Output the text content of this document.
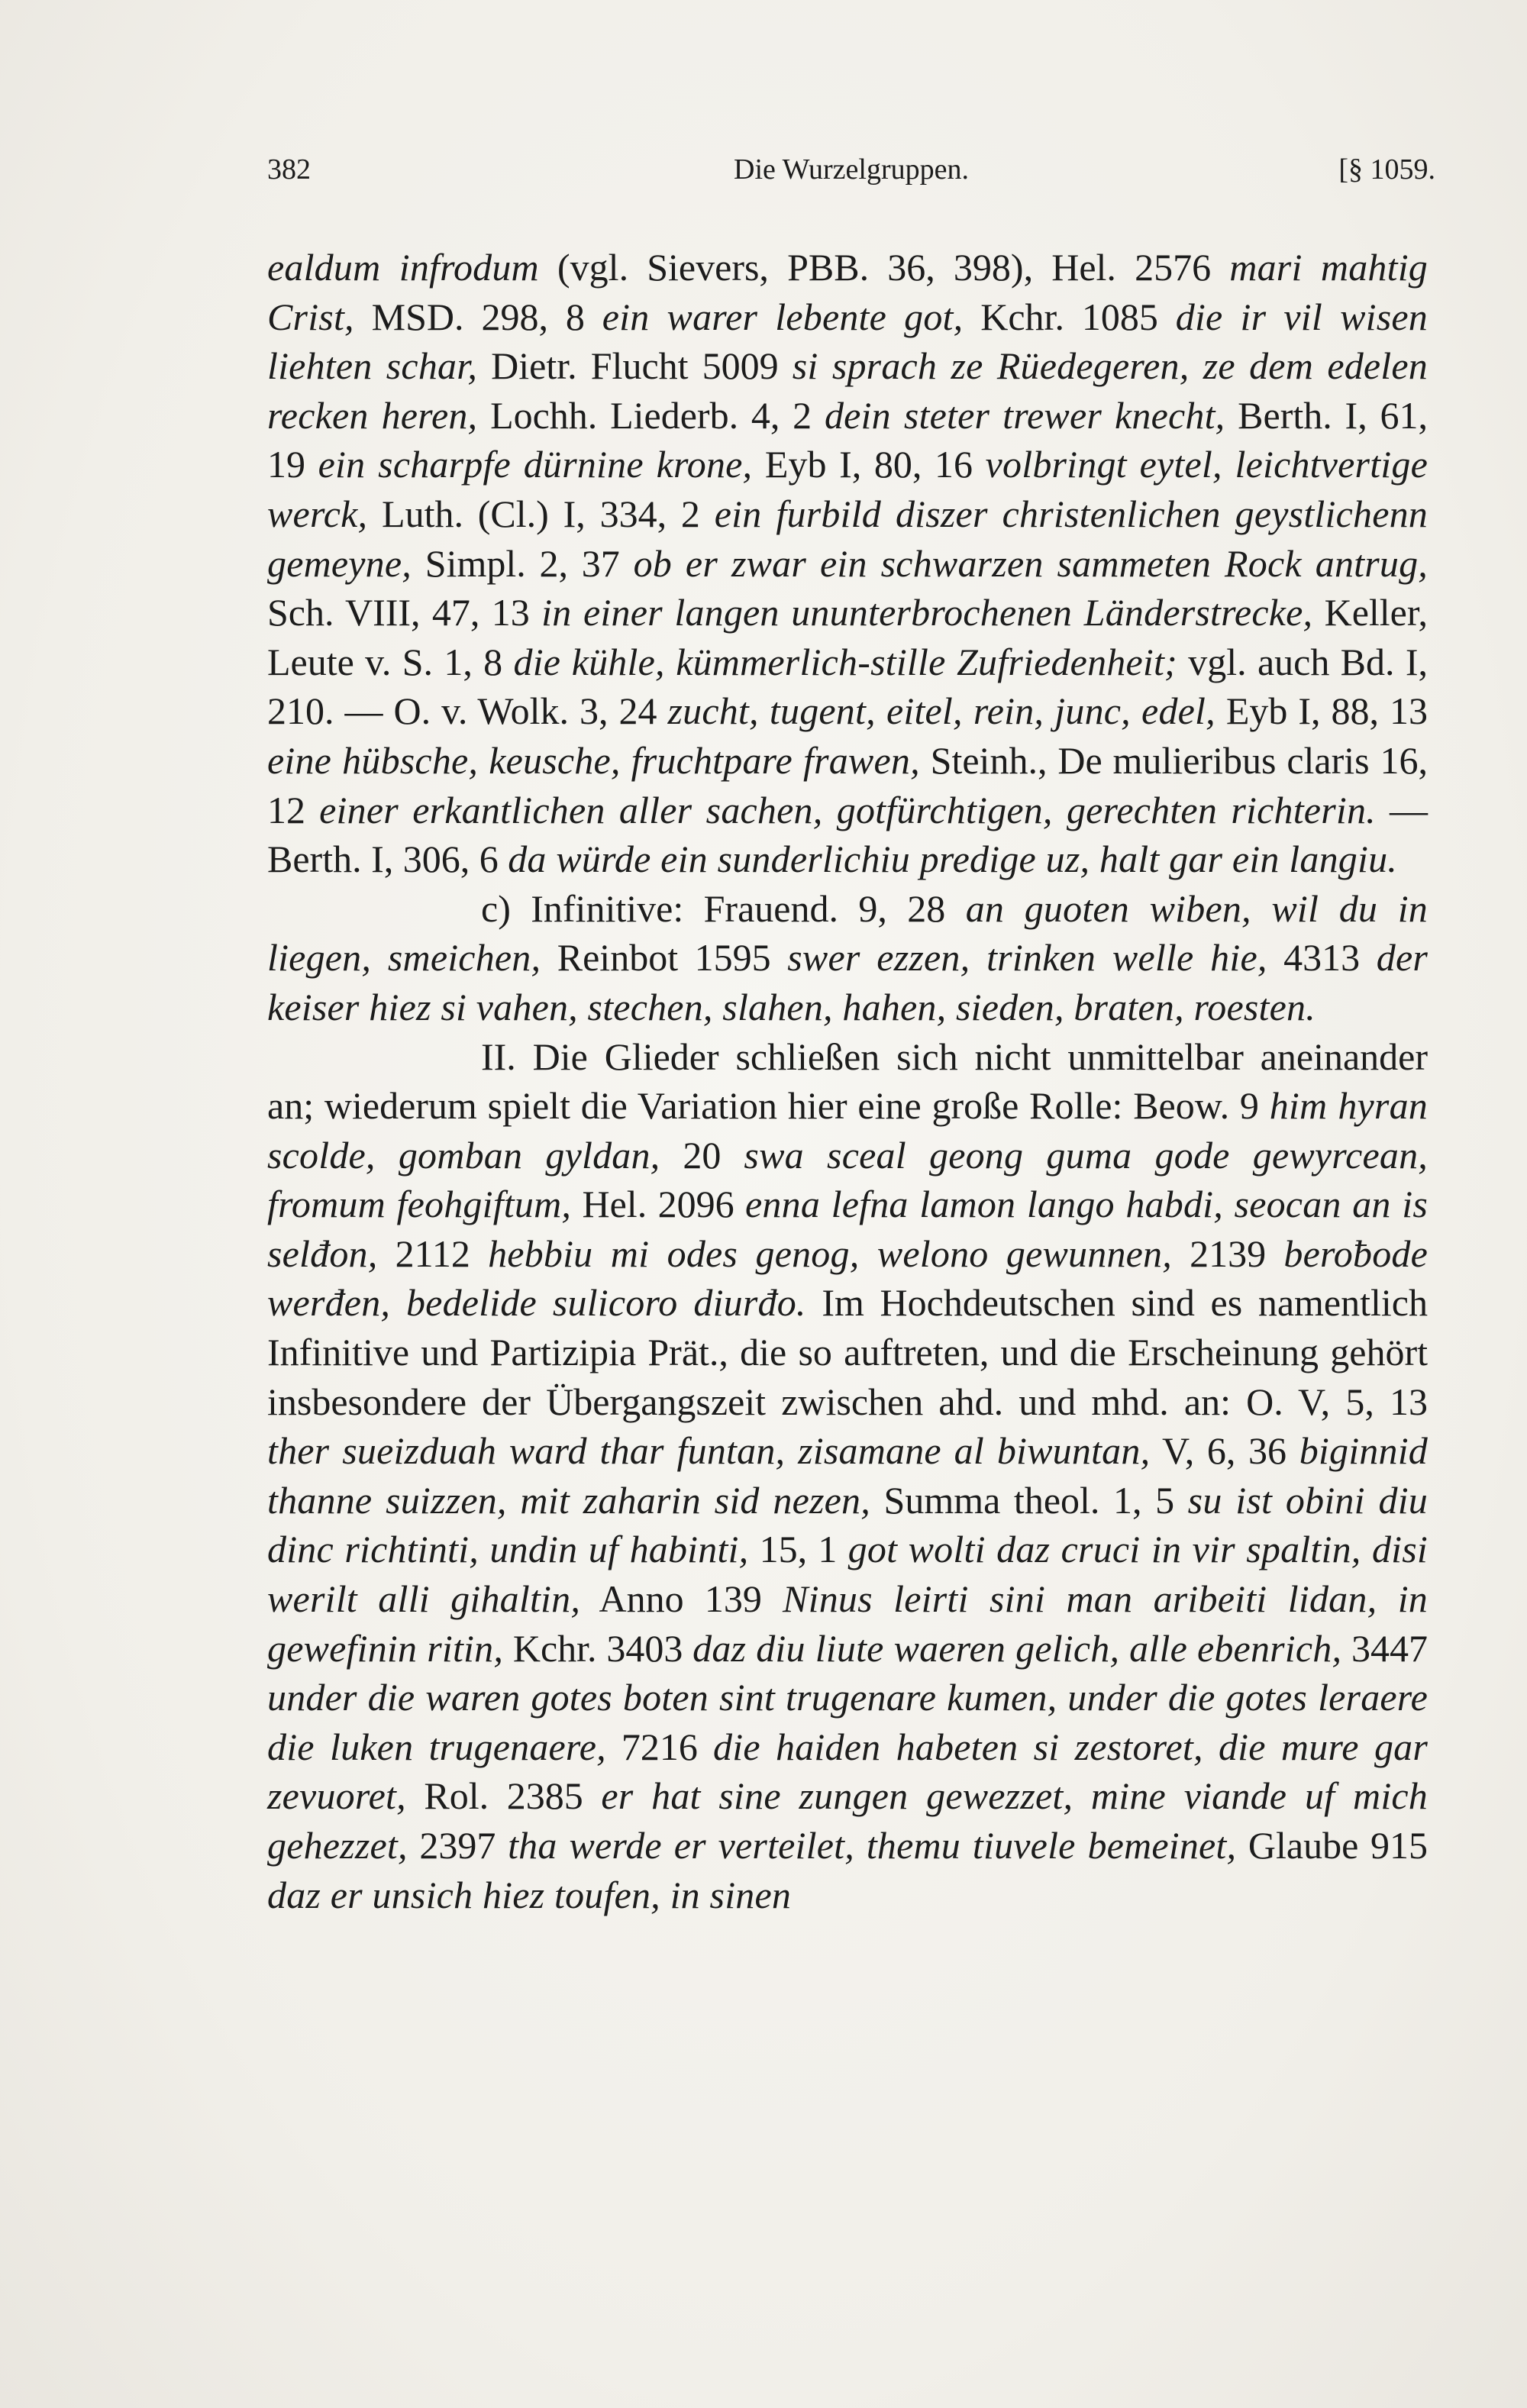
382	Die Wurzelgruppen.	[§ 1059.

ealdum infrodum (vgl. Sievers, PBB. 36, 398), Hel. 2576 mari mahtig Crist, MSD. 298, 8 ein warer lebente got, Kchr. 1085 die ir vil wisen liehten schar, Dietr. Flucht 5009 si sprach ze Rüedegeren, ze dem edelen recken heren, Lochh. Liederb. 4, 2 dein steter trewer knecht, Berth. I, 61, 19 ein scharpfe dürnine krone, Eyb I, 80, 16 volbringt eytel, leichtvertige werck, Luth. (Cl.) I, 334, 2 ein furbild diszer christenlichen geystlichenn gemeyne, Simpl. 2, 37 ob er zwar ein schwarzen sammeten Rock antrug, Sch. VIII, 47, 13 in einer langen ununterbrochenen Länderstrecke, Keller, Leute v. S. 1, 8 die kühle, kümmerlich-stille Zufriedenheit; vgl. auch Bd. I, 210. — O. v. Wolk. 3, 24 zucht, tugent, eitel, rein, junc, edel, Eyb I, 88, 13 eine hübsche, keusche, fruchtpare frawen, Steinh., De mulieribus claris 16, 12 einer erkantlichen aller sachen, gotfürchtigen, gerechten richterin. — Berth. I, 306, 6 da würde ein sunderlichiu predige uz, halt gar ein langiu.

c) Infinitive: Frauend. 9, 28 an guoten wiben, wil du in liegen, smeichen, Reinbot 1595 swer ezzen, trinken welle hie, 4313 der keiser hiez si vahen, stechen, slahen, hahen, sieden, braten, roesten.

II. Die Glieder schließen sich nicht unmittelbar aneinander an; wiederum spielt die Variation hier eine große Rolle: Beow. 9 him hyran scolde, gomban gyldan, 20 swa sceal geong guma gode gewyrcean, fromum feohgiftum, Hel. 2096 enna lefna lamon lango habdi, seocan an is selđon, 2112 hebbiu mi odes genog, welono gewunnen, 2139 beroƀode werđen, bedelide sulicoro diurđo. Im Hochdeutschen sind es namentlich Infinitive und Partizipia Prät., die so auftreten, und die Erscheinung gehört insbesondere der Übergangszeit zwischen ahd. und mhd. an: O. V, 5, 13 ther sueizduah ward thar funtan, zisamane al biwuntan, V, 6, 36 biginnid thanne suizzen, mit zaharin sid nezen, Summa theol. 1, 5 su ist obini diu dinc richtinti, undin uf habinti, 15, 1 got wolti daz cruci in vir spaltin, disi werilt alli gihaltin, Anno 139 Ninus leirti sini man aribeiti lidan, in gewefinin ritin, Kchr. 3403 daz diu liute waeren gelich, alle ebenrich, 3447 under die waren gotes boten sint trugenare kumen, under die gotes leraere die luken trugenaere, 7216 die haiden habeten si zestoret, die mure gar zevuoret, Rol. 2385 er hat sine zungen gewezzet, mine viande uf mich gehezzet, 2397 tha werde er verteilet, themu tiuvele bemeinet, Glaube 915 daz er unsich hiez toufen, in sinen
